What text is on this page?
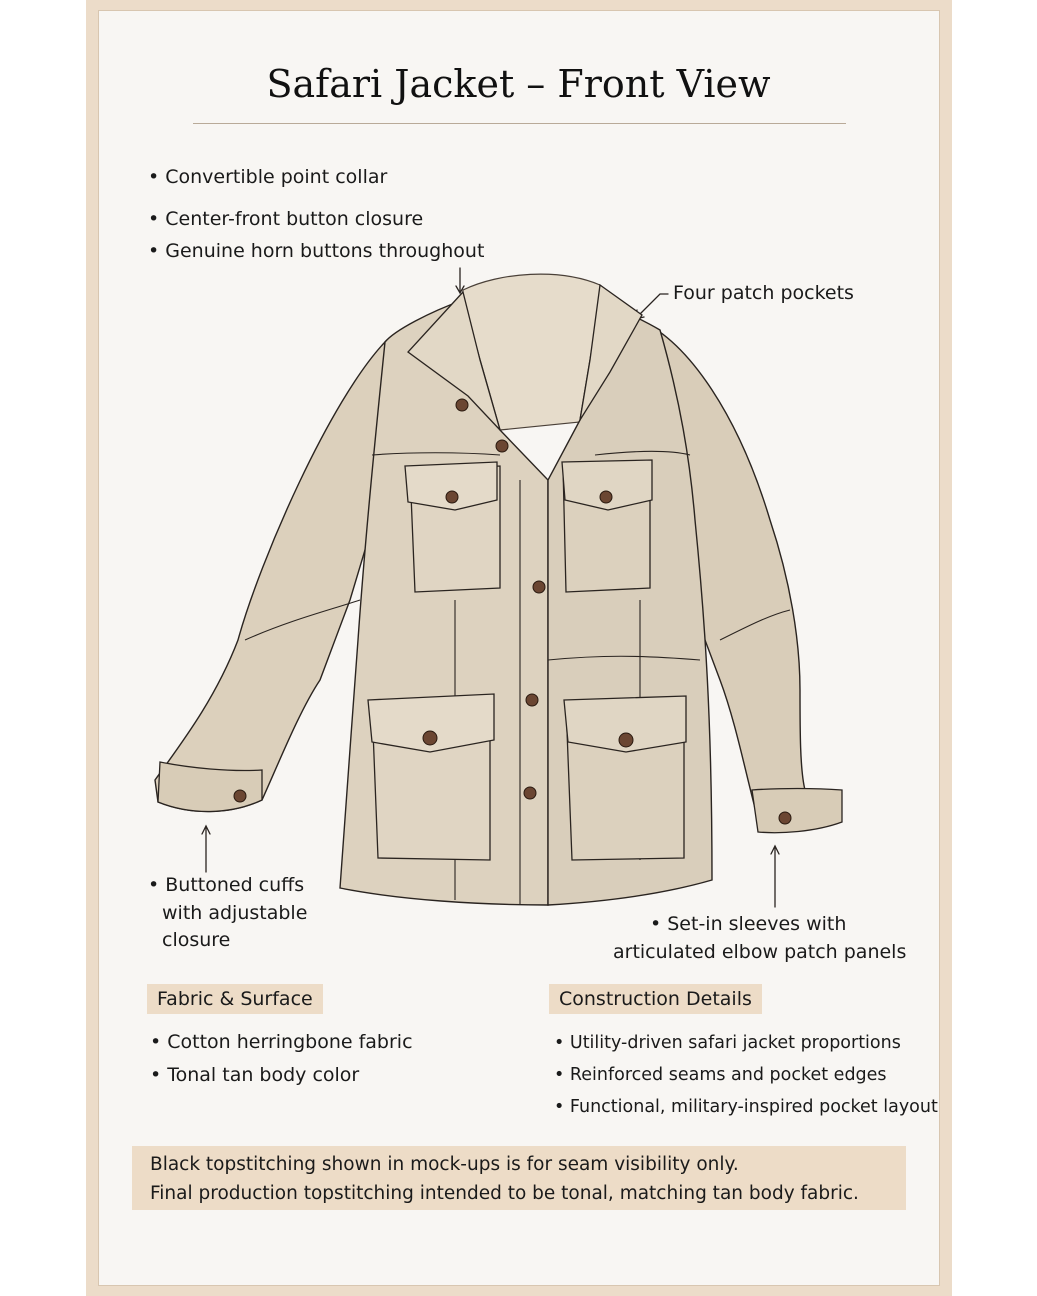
Safari Jacket – Front View
• Convertible point collar
• Center-front button closure
• Genuine horn buttons throughout
Four patch pockets
• Buttoned cuffs
with adjustable
closure
• Set-in sleeves with
articulated elbow patch panels
Fabric & Surface	Construction Details
• Cotton herringbone fabric
• Tonal tan body color
• Utility-driven safari jacket proportions
• Reinforced seams and pocket edges
• Functional, military-inspired pocket layout
Black topstitching shown in mock-ups is for seam visibility only.
Final production topstitching intended to be tonal, matching tan body fabric.
